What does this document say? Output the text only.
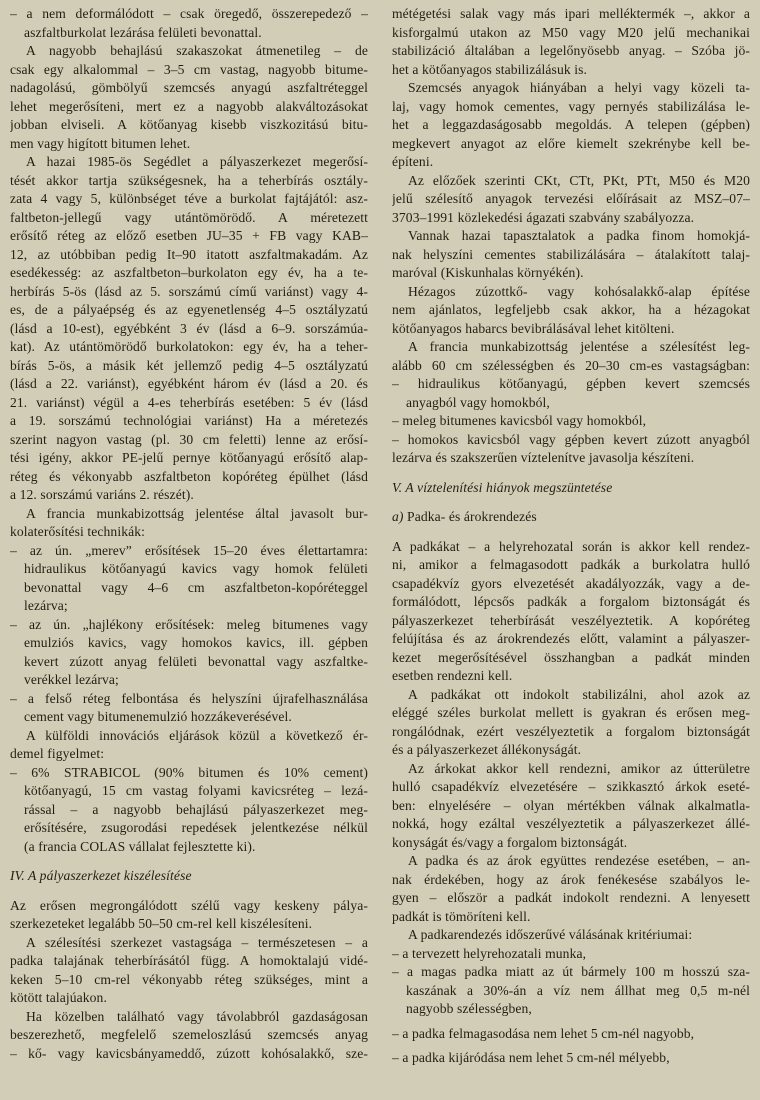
– a nem deformálódott – csak öregedő, összerepedező –
aszfaltburkolat lezárása felületi bevonattal.
A nagyobb behajlású szakaszokat átmenetileg – de
csak egy alkalommal – 3–5 cm vastag, nagyobb bitume-
nadagolású, gömbölyű szemcsés anyagú aszfaltréteggel
lehet megerősíteni, mert ez a nagyobb alakváltozásokat
jobban elviseli. A kötőanyag kisebb viszkozitású bitu-
men vagy higított bitumen lehet.
A hazai 1985-ös Segédlet a pályaszerkezet megerősí-
tését akkor tartja szükségesnek, ha a teherbírás osztály-
zata 4 vagy 5, különbséget téve a burkolat fajtájától: asz-
faltbeton-jellegű vagy utántömörödő. A méretezett
erősítő réteg az előző esetben JU–35 + FB vagy KAB–
12, az utóbbiban pedig It–90 itatott aszfaltmakadám. Az
esedékesség: az aszfaltbeton–burkolaton egy év, ha a te-
herbírás 5-ös (lásd az 5. sorszámú című variánst) vagy 4-
es, de a pályaépség és az egyenetlenség 4–5 osztályzatú
(lásd a 10-est), egyébként 3 év (lásd a 6–9. sorszámúa-
kat). Az utántömörödő burkolatokon: egy év, ha a teher-
bírás 5-ös, a másik két jellemző pedig 4–5 osztályzatú
(lásd a 22. variánst), egyébként három év (lásd a 20. és
21. variánst) végül a 4-es teherbírás esetében: 5 év (lásd
a 19. sorszámú technológiai variánst) Ha a méretezés
szerint nagyon vastag (pl. 30 cm feletti) lenne az erősí-
tési igény, akkor PE-jelű pernye kötőanyagú erősítő alap-
réteg és vékonyabb aszfaltbeton kopóréteg épülhet (lásd
a 12. sorszámú variáns 2. részét).
A francia munkabizottság jelentése által javasolt bur-
kolaterősítési technikák:
– az ún. „merev” erősítések 15–20 éves élettartamra:
hidraulikus kötőanyagú kavics vagy homok felületi
bevonattal vagy 4–6 cm aszfaltbeton-kopóréteggel
lezárva;
– az ún. „hajlékony erősítések: meleg bitumenes vagy
emulziós kavics, vagy homokos kavics, ill. gépben
kevert zúzott anyag felületi bevonattal vagy aszfaltke-
verékkel lezárva;
– a felső réteg felbontása és helyszíni újrafelhasználása
cement vagy bitumenemulzió hozzákeverésével.
A külföldi innovációs eljárások közül a következő ér-
demel figyelmet:
– 6% STRABICOL (90% bitumen és 10% cement)
kötőanyagú, 15 cm vastag folyami kavicsréteg – lezá-
rással – a nagyobb behajlású pályaszerkezet meg-
erősítésére, zsugorodási repedések jelentkezése nélkül
(a francia COLAS vállalat fejlesztette ki).
IV. A pályaszerkezet kiszélesítése
Az erősen megrongálódott szélű vagy keskeny pálya-
szerkezeteket legalább 50–50 cm-rel kell kiszélesíteni.
A szélesítési szerkezet vastagsága – természetesen – a
padka talajának teherbírásától függ. A homoktalajú vidé-
keken 5–10 cm-rel vékonyabb réteg szükséges, mint a
kötött talajúakon.
Ha közelben található vagy távolabbról gazdaságosan
beszerezhető, megfelelő szemeloszlású szemcsés anyag
– kő- vagy kavicsbányameddő, zúzott kohósalakkő, sze-
métégetési salak vagy más ipari melléktermék –, akkor a
kisforgalmú utakon az M50 vagy M20 jelű mechanikai
stabilizáció általában a legelőnyösebb anyag. – Szóba jö-
het a kötőanyagos stabilizálásuk is.
Szemcsés anyagok hiányában a helyi vagy közeli ta-
laj, vagy homok cementes, vagy pernyés stabilizálása le-
het a leggazdaságosabb megoldás. A telepen (gépben)
megkevert anyagot az előre kiemelt szekrénybe kell be-
építeni.
Az előzőek szerinti CKt, CTt, PKt, PTt, M50 és M20
jelű szélesítő anyagok tervezési előírásait az MSZ–07–
3703–1991 közlekedési ágazati szabvány szabályozza.
Vannak hazai tapasztalatok a padka finom homokjá-
nak helyszíni cementes stabilizálására – átalakított talaj-
maróval (Kiskunhalas környékén).
Hézagos zúzottkő- vagy kohósalakkő-alap építése
nem ajánlatos, legfeljebb csak akkor, ha a hézagokat
kötőanyagos habarcs bevibrálásával lehet kitölteni.
A francia munkabizottság jelentése a szélesítést leg-
alább 60 cm szélességben és 20–30 cm-es vastagságban:
– hidraulikus kötőanyagú, gépben kevert szemcsés
anyagból vagy homokból,
– meleg bitumenes kavicsból vagy homokból,
– homokos kavicsból vagy gépben kevert zúzott anyagból
lezárva és szakszerűen víztelenítve javasolja készíteni.
V. A víztelenítési hiányok megszüntetése
a) Padka- és árokrendezés
A padkákat – a helyrehozatal során is akkor kell rendez-
ni, amikor a felmagasodott padkák a burkolatra hulló
csapadékvíz gyors elvezetését akadályozzák, vagy a de-
formálódott, lépcsős padkák a forgalom biztonságát és
pályaszerkezet teherbírását veszélyeztetik. A kopóréteg
felújítása és az árokrendezés előtt, valamint a pályaszer-
kezet megerősítésével összhangban a padkát minden
esetben rendezni kell.
A padkákat ott indokolt stabilizálni, ahol azok az
eléggé széles burkolat mellett is gyakran és erősen meg-
rongálódnak, ezért veszélyeztetik a forgalom biztonságát
és a pályaszerkezet állékonyságát.
Az árkokat akkor kell rendezni, amikor az útterületre
hulló csapadékvíz elvezetésére – szikkasztó árkok eseté-
ben: elnyelésére – olyan mértékben válnak alkalmatla-
nokká, hogy ezáltal veszélyeztetik a pályaszerkezet állé-
konyságát és/vagy a forgalom biztonságát.
A padka és az árok együttes rendezése esetében, – an-
nak érdekében, hogy az árok fenékesése szabályos le-
gyen – először a padkát indokolt rendezni. A lenyesett
padkát is tömöríteni kell.
A padkarendezés időszerűvé válásának kritériumai:
– a tervezett helyrehozatali munka,
– a magas padka miatt az út bármely 100 m hosszú sza-
kaszának a 30%-án a víz nem állhat meg 0,5 m-nél
nagyobb szélességben,
– a padka felmagasodása nem lehet 5 cm-nél nagyobb,
– a padka kijáródása nem lehet 5 cm-nél mélyebb,
